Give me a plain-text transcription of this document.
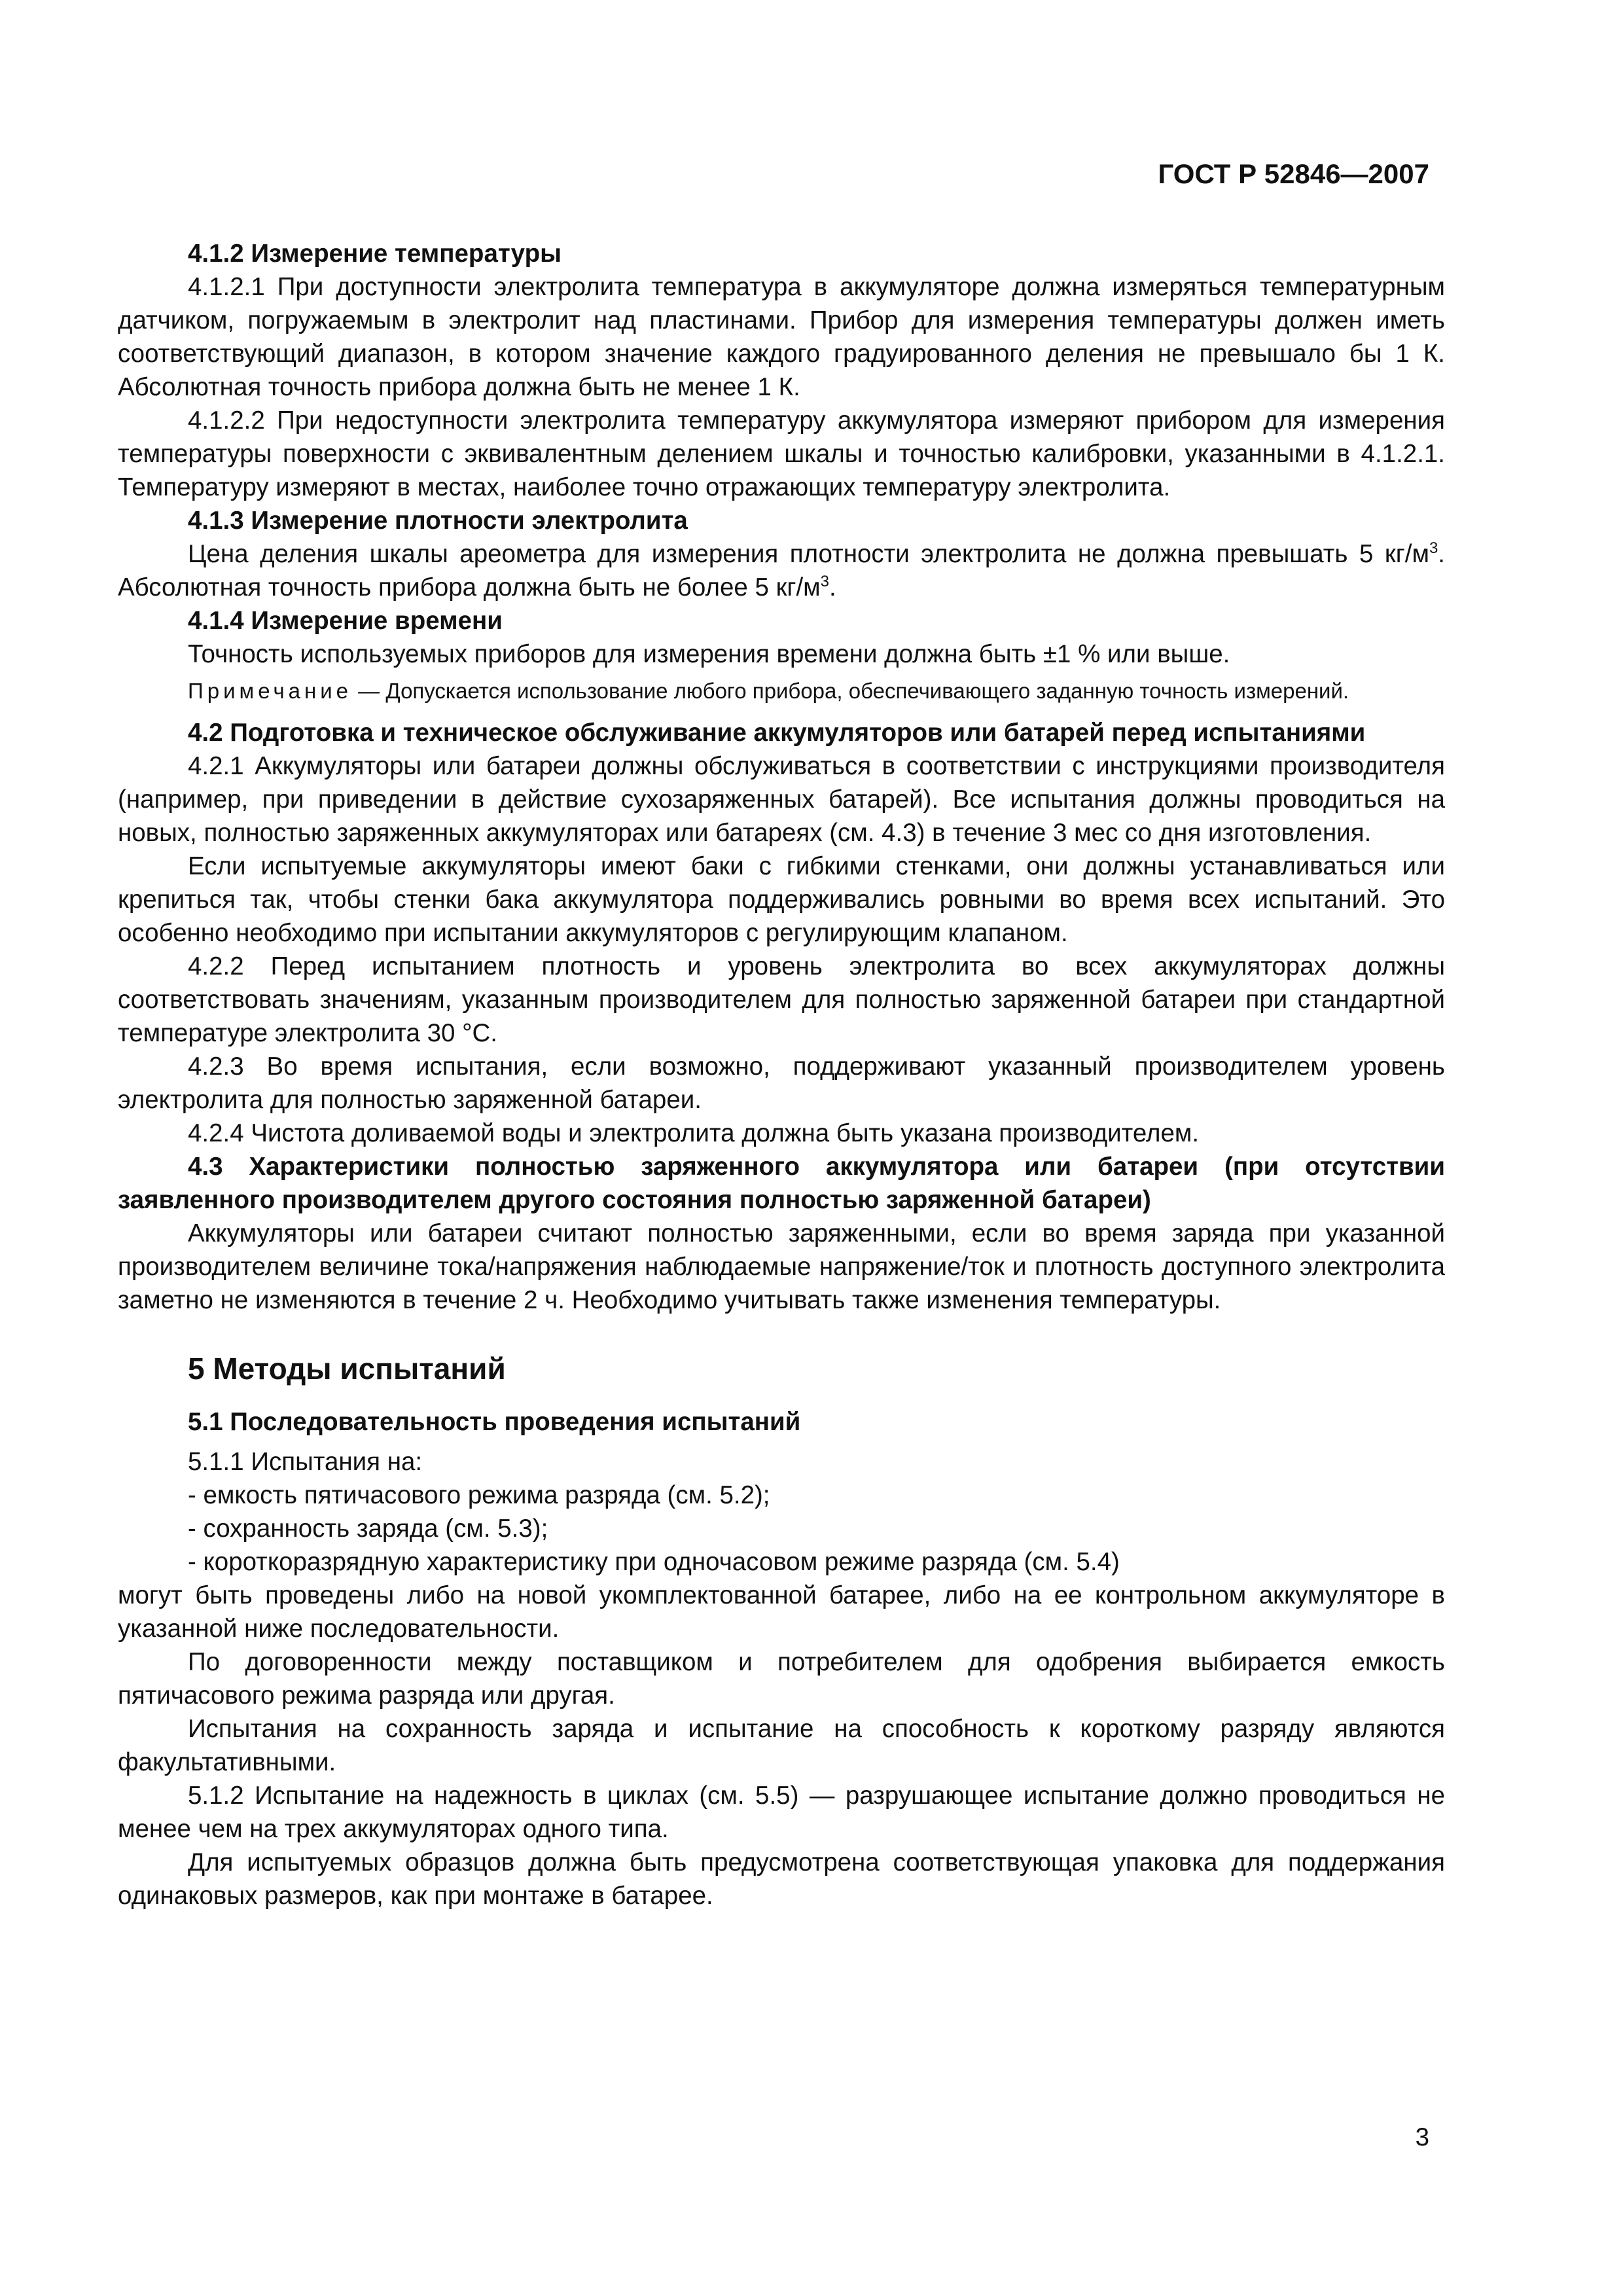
ГОСТ Р 52846—2007

4.1.2 Измерение температуры

4.1.2.1 При доступности электролита температура в аккумуляторе должна измеряться температурным датчиком, погружаемым в электролит над пластинами. Прибор для измерения температуры должен иметь соответствующий диапазон, в котором значение каждого градуированного деления не превышало бы 1 К. Абсолютная точность прибора должна быть не менее 1 К.

4.1.2.2 При недоступности электролита температуру аккумулятора измеряют прибором для измерения температуры поверхности с эквивалентным делением шкалы и точностью калибровки, указанными в 4.1.2.1. Температуру измеряют в местах, наиболее точно отражающих температуру электролита.

4.1.3 Измерение плотности электролита

Цена деления шкалы ареометра для измерения плотности электролита не должна превышать 5 $кг/м^3$. Абсолютная точность прибора должна быть не более 5 $кг/м^3$.

4.1.4 Измерение времени

Точность используемых приборов для измерения времени должна быть ±1 % или выше.

Примечание — Допускается использование любого прибора, обеспечивающего заданную точность измерений.

4.2 Подготовка и техническое обслуживание аккумуляторов или батарей перед испытаниями

4.2.1 Аккумуляторы или батареи должны обслуживаться в соответствии с инструкциями производителя (например, при приведении в действие сухозаряженных батарей). Все испытания должны проводиться на новых, полностью заряженных аккумуляторах или батареях (см. 4.3) в течение 3 мес со дня изготовления.

Если испытуемые аккумуляторы имеют баки с гибкими стенками, они должны устанавливаться или крепиться так, чтобы стенки бака аккумулятора поддерживались ровными во время всех испытаний. Это особенно необходимо при испытании аккумуляторов с регулирующим клапаном.

4.2.2 Перед испытанием плотность и уровень электролита во всех аккумуляторах должны соответствовать значениям, указанным производителем для полностью заряженной батареи при стандартной температуре электролита 30 °С.

4.2.3 Во время испытания, если возможно, поддерживают указанный производителем уровень электролита для полностью заряженной батареи.

4.2.4 Чистота доливаемой воды и электролита должна быть указана производителем.

4.3 Характеристики полностью заряженного аккумулятора или батареи (при отсутствии заявленного производителем другого состояния полностью заряженной батареи)

Аккумуляторы или батареи считают полностью заряженными, если во время заряда при указанной производителем величине тока/напряжения наблюдаемые напряжение/ток и плотность доступного электролита заметно не изменяются в течение 2 ч. Необходимо учитывать также изменения температуры.

5 Методы испытаний

5.1 Последовательность проведения испытаний

5.1.1 Испытания на:

- емкость пятичасового режима разряда (см. 5.2);

- сохранность заряда (см. 5.3);

- короткоразрядную характеристику при одночасовом режиме разряда (см. 5.4)

могут быть проведены либо на новой укомплектованной батарее, либо на ее контрольном аккумуляторе в указанной ниже последовательности.

По договоренности между поставщиком и потребителем для одобрения выбирается емкость пятичасового режима разряда или другая.

Испытания на сохранность заряда и испытание на способность к короткому разряду являются факультативными.

5.1.2 Испытание на надежность в циклах (см. 5.5) — разрушающее испытание должно проводиться не менее чем на трех аккумуляторах одного типа.

Для испытуемых образцов должна быть предусмотрена соответствующая упаковка для поддержания одинаковых размеров, как при монтаже в батарее.

3
